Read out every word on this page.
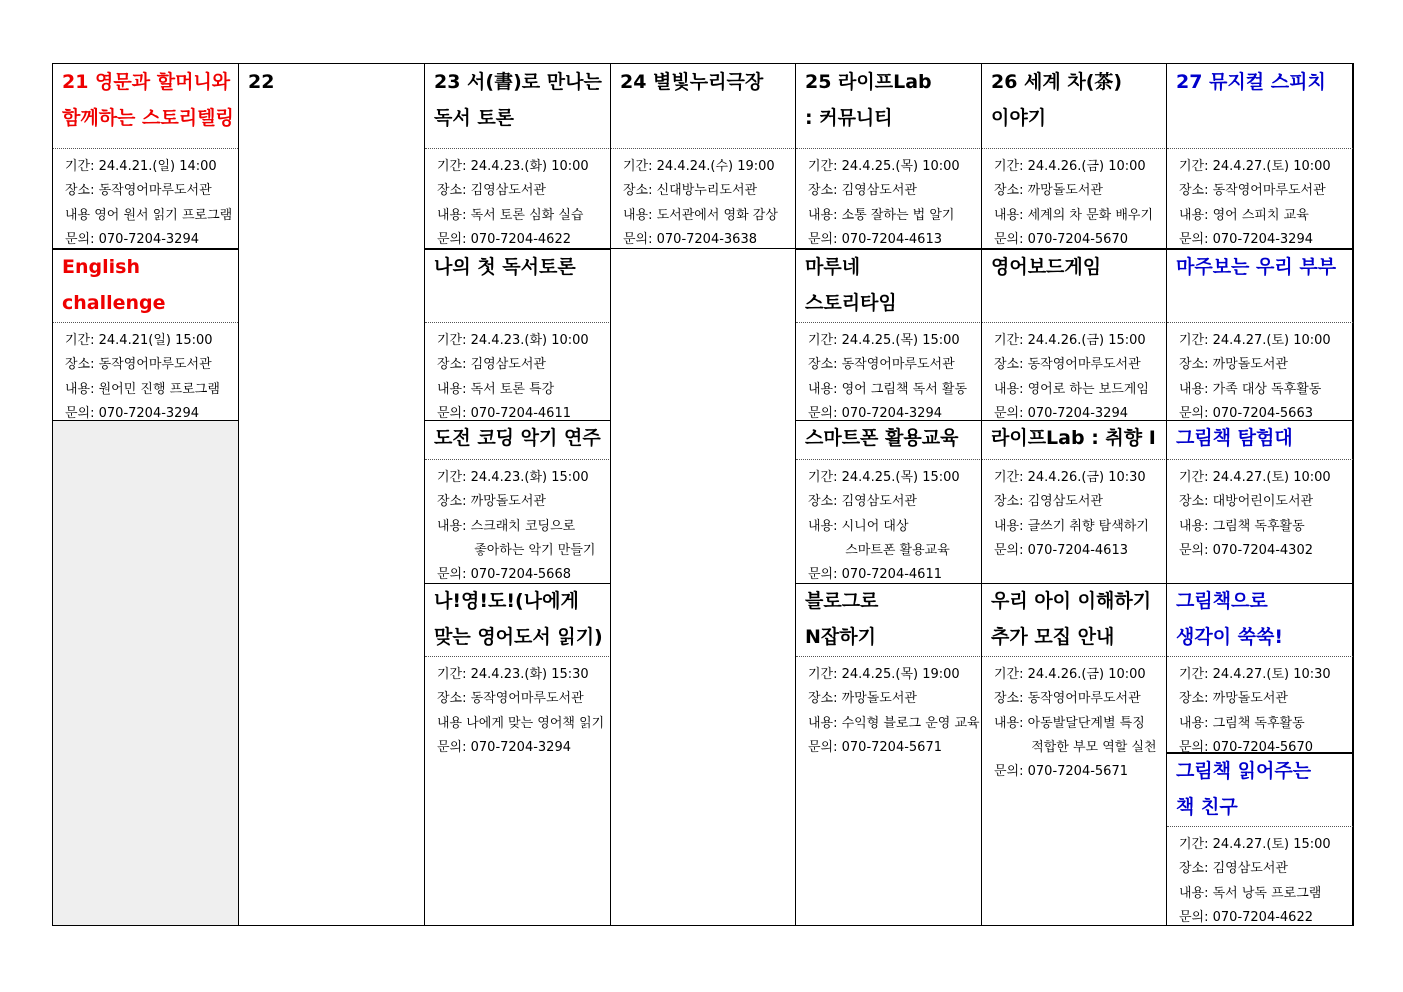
21 영문과 할머니와
함께하는 스토리텔링
기간: 24.4.21.(일) 14:00
장소: 동작영어마루도서관
내용 영어 원서 읽기 프로그램
문의: 070-7204-3294
English challenge

기간: 24.4.21(일) 15:00
장소: 동작영어마루도서관
내용: 원어민 진행 프로그램
문의: 070-7204-3294
22	23 서(書)로 만나는
독서 토론
기간: 24.4.23.(화) 10:00
장소: 김영삼도서관
내용: 독서 토론 심화 실습
문의: 070-7204-4622
나의 첫 독서토론
기간: 24.4.23.(화) 10:00
장소: 김영삼도서관
내용: 독서 토론 특강
문의: 070-7204-4611
도전 코딩 악기 연주
기간: 24.4.23.(화) 15:00
장소: 까망돌도서관
내용: 스크래치 코딩으로
좋아하는 악기 만들기
문의: 070-7204-5668
나!영!도!(나에게
맞는 영어도서 읽기)
기간: 24.4.23.(화) 15:30
장소: 동작영어마루도서관
내용 나에게 맞는 영어책 읽기
문의: 070-7204-3294
24 별빛누리극장
기간: 24.4.24.(수) 19:00
장소: 신대방누리도서관
내용: 도서관에서 영화 감상
문의: 070-7204-3638
25 라이프Lab
: 커뮤니티
기간: 24.4.25.(목) 10:00
장소: 김영삼도서관
내용: 소통 잘하는 법 알기
문의: 070-7204-4613
마루네
스토리타임
기간: 24.4.25.(목) 15:00
장소: 동작영어마루도서관
내용: 영어 그림책 독서 활동
문의: 070-7204-3294
스마트폰 활용교육
기간: 24.4.25.(목) 15:00
장소: 김영삼도서관
내용: 시니어 대상
스마트폰 활용교육
문의: 070-7204-4611
블로그로
N잡하기
기간: 24.4.25.(목) 19:00
장소: 까망돌도서관
내용: 수익형 블로그 운영 교육
문의: 070-7204-5671
26 세계 차(茶)
이야기
기간: 24.4.26.(금) 10:00
장소: 까망돌도서관
내용: 세계의 차 문화 배우기
문의: 070-7204-5670
영어보드게임
기간: 24.4.26.(금) 15:00
장소: 동작영어마루도서관
내용: 영어로 하는 보드게임
문의: 070-7204-3294
라이프Lab : 취향 I
기간: 24.4.26.(금) 10:30
장소: 김영삼도서관
내용: 글쓰기 취향 탐색하기
문의: 070-7204-4613
우리 아이 이해하기
추가 모집 안내
기간: 24.4.26.(금) 10:00
장소: 동작영어마루도서관
내용: 아동발달단계별 특징
적합한 부모 역할 실천
문의: 070-7204-5671
27 뮤지컬 스피치
기간: 24.4.27.(토) 10:00
장소: 동작영어마루도서관
내용: 영어 스피치 교육
문의: 070-7204-3294
마주보는 우리 부부
기간: 24.4.27.(토) 10:00
장소: 까망돌도서관
내용: 가족 대상 독후활동
문의: 070-7204-5663
그림책 탐험대
기간: 24.4.27.(토) 10:00
장소: 대방어린이도서관
내용: 그림책 독후활동
문의: 070-7204-4302
그림책으로
생각이 쑥쑥!
기간: 24.4.27.(토) 10:30
장소: 까망돌도서관
내용: 그림책 독후활동
문의: 070-7204-5670
그림책 읽어주는
책 친구
기간: 24.4.27.(토) 15:00
장소: 김영삼도서관
내용: 독서 낭독 프로그램
문의: 070-7204-4622
